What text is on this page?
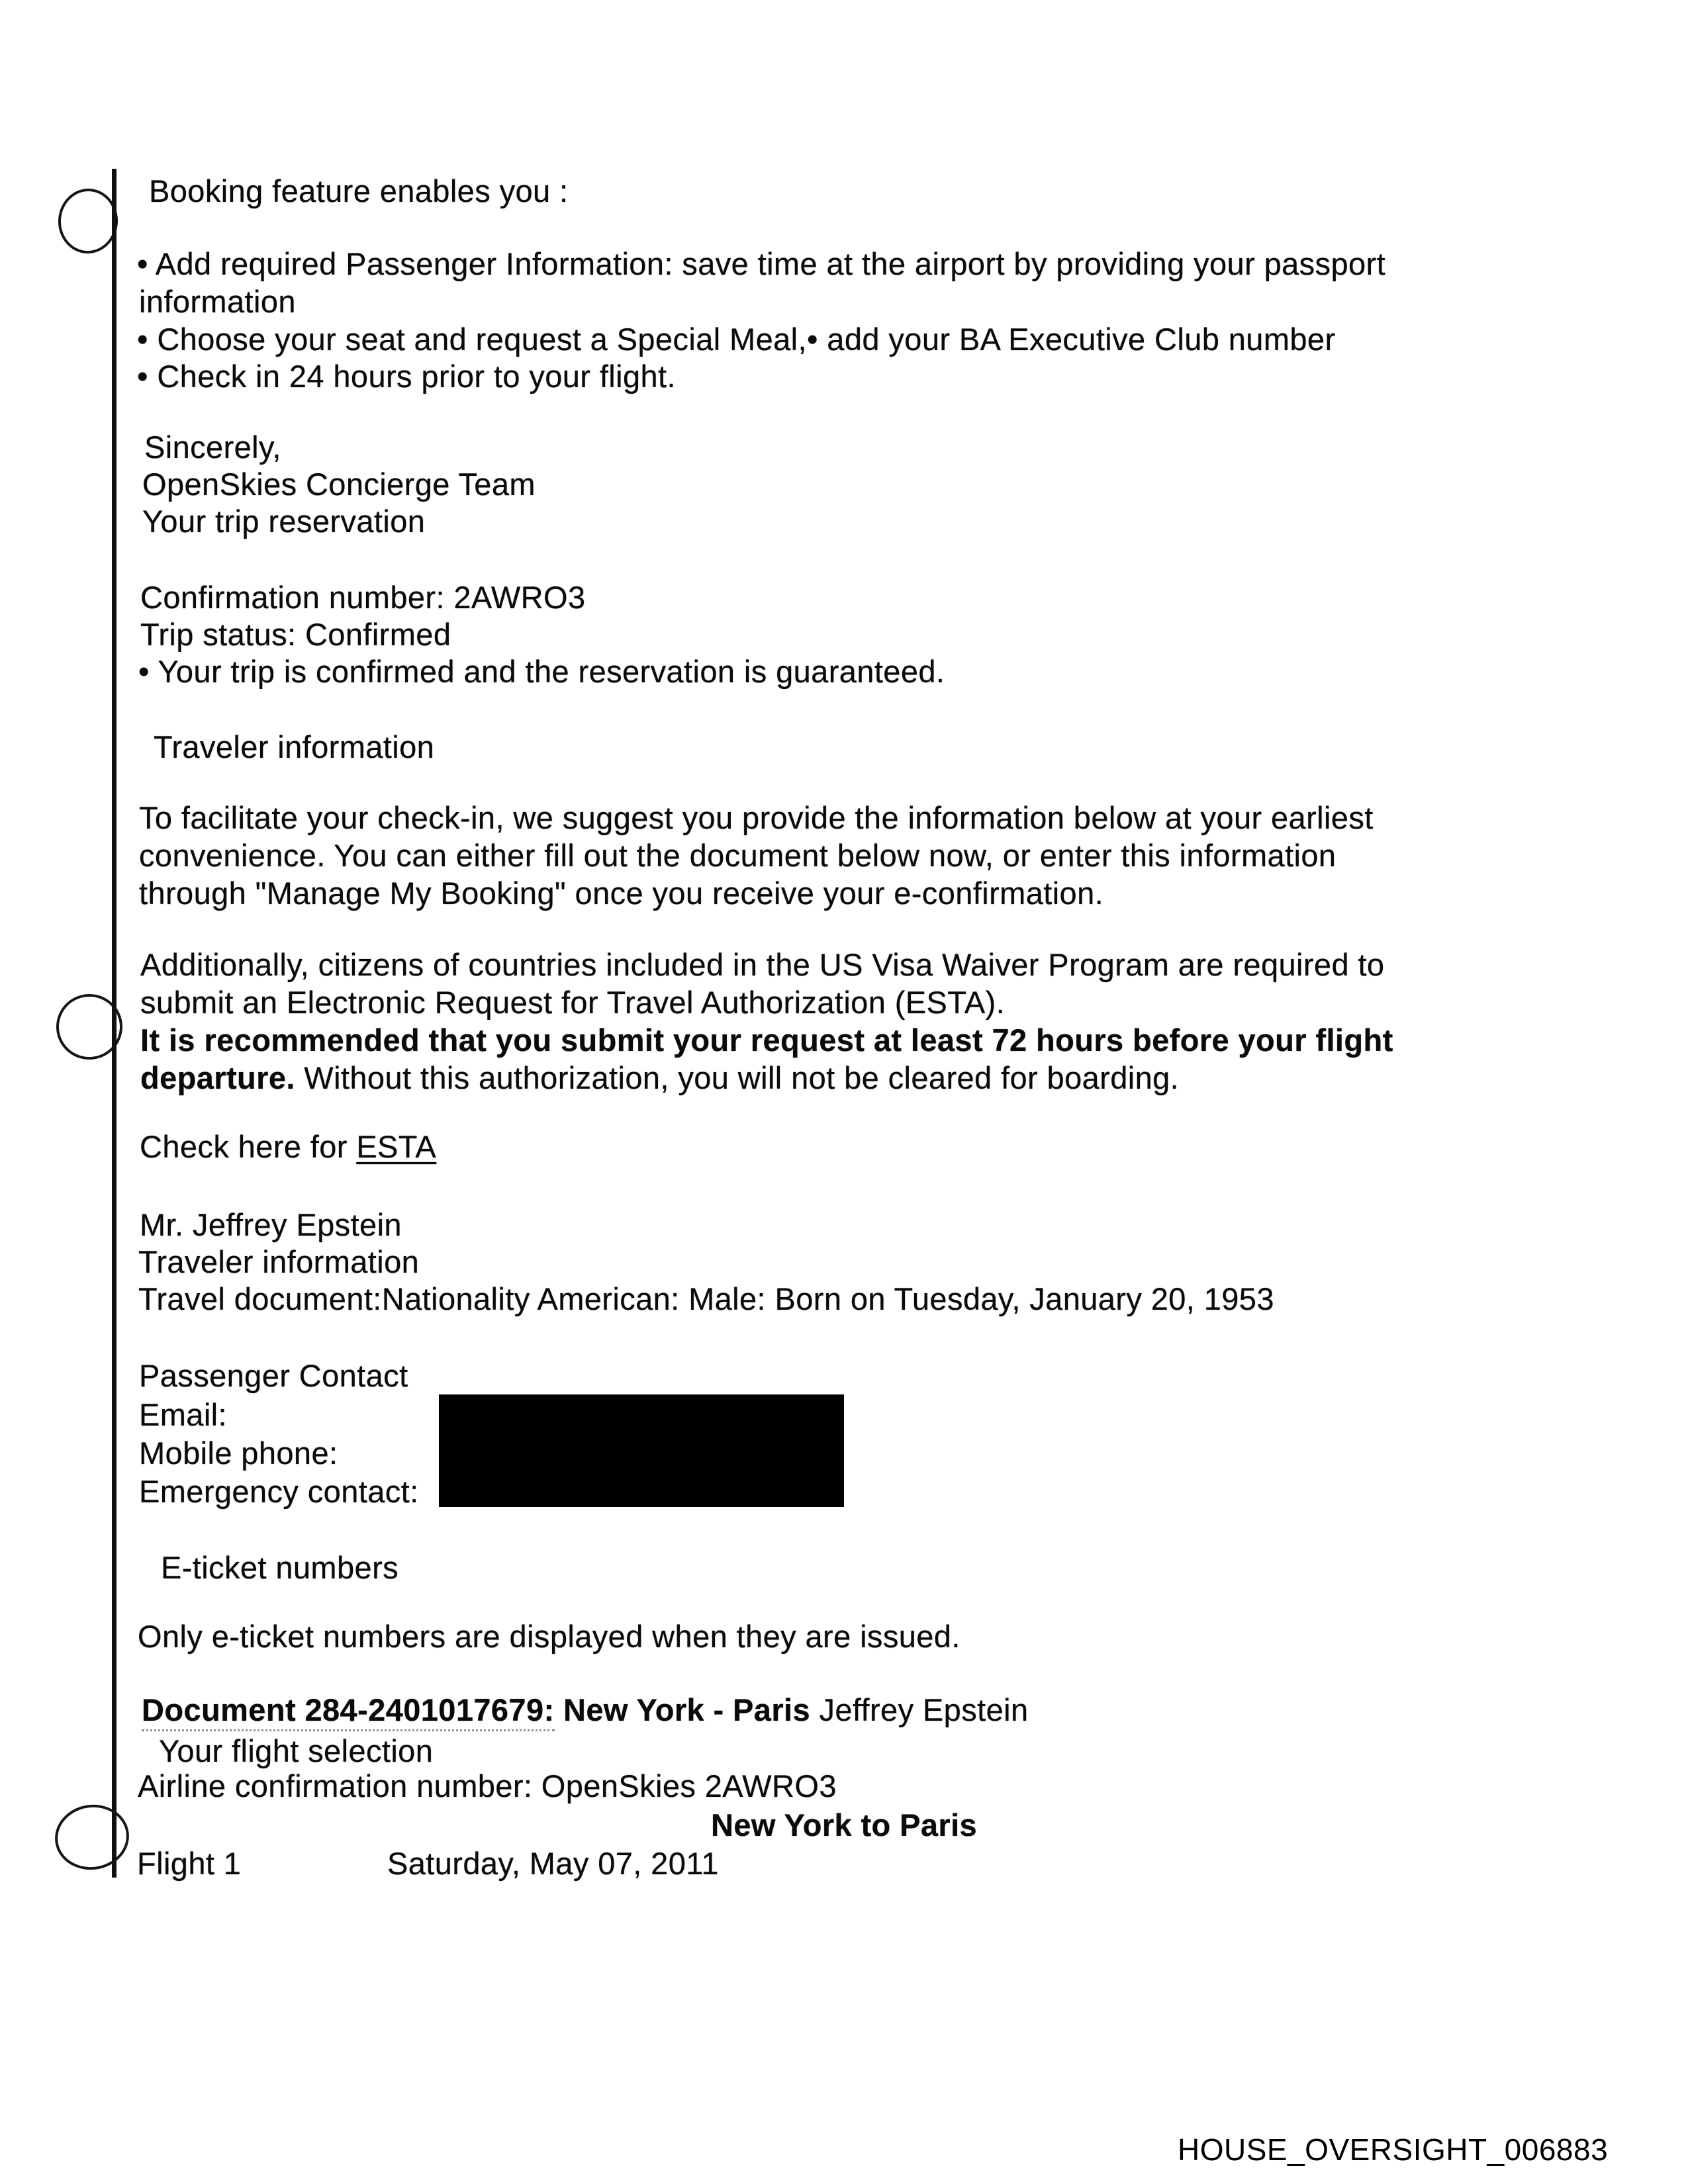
Booking feature enables you :
• Add required Passenger Information: save time at the airport by providing your passport
information
• Choose your seat and request a Special Meal,• add your BA Executive Club number
• Check in 24 hours prior to your flight.
Sincerely,
OpenSkies Concierge Team
Your trip reservation
Confirmation number: 2AWRO3
Trip status: Confirmed
• Your trip is confirmed and the reservation is guaranteed.
Traveler information
To facilitate your check-in, we suggest you provide the information below at your earliest
convenience. You can either fill out the document below now, or enter this information
through "Manage My Booking" once you receive your e-confirmation.
Additionally, citizens of countries included in the US Visa Waiver Program are required to
submit an Electronic Request for Travel Authorization (ESTA).
It is recommended that you submit your request at least 72 hours before your flight
departure. Without this authorization, you will not be cleared for boarding.
Check here for ESTA
Mr. Jeffrey Epstein
Traveler information
Travel document:Nationality American: Male: Born on Tuesday, January 20, 1953
Passenger Contact
Email:
Mobile phone:
Emergency contact:
E-ticket numbers
Only e-ticket numbers are displayed when they are issued.
Document 284-2401017679: New York - Paris Jeffrey Epstein
Your flight selection
Airline confirmation number: OpenSkies 2AWRO3
New York to Paris
Flight 1	Saturday, May 07, 2011
HOUSE_OVERSIGHT_006883
